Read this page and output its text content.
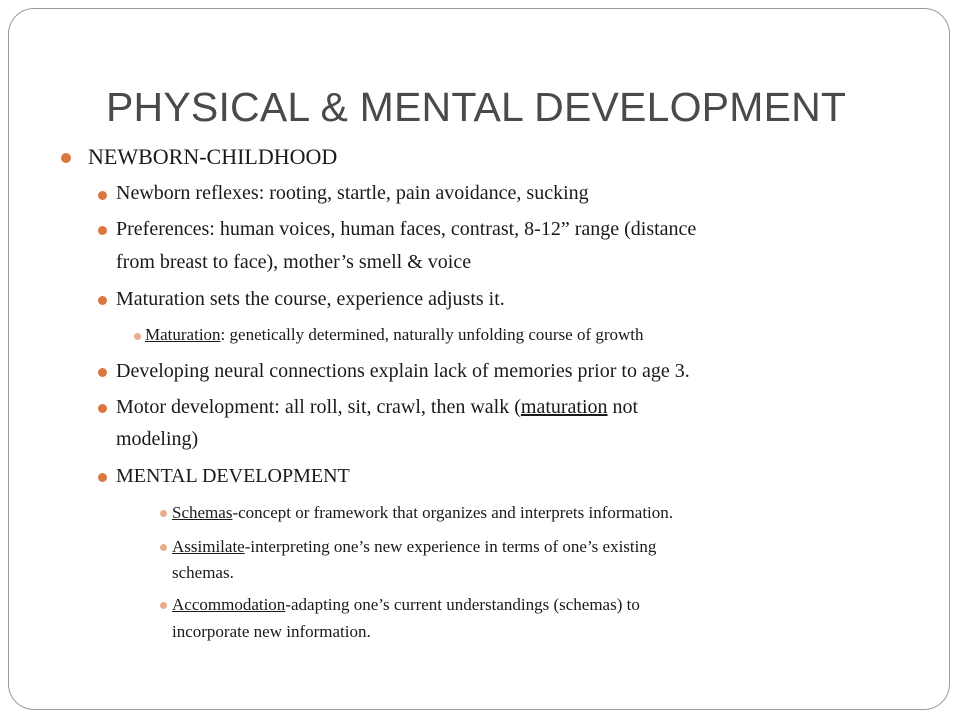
PHYSICAL & MENTAL DEVELOPMENT
NEWBORN-CHILDHOOD
Newborn reflexes: rooting, startle, pain avoidance, sucking
Preferences: human voices, human faces, contrast, 8-12” range (distance
from breast to face), mother’s smell & voice
Maturation sets the course, experience adjusts it.
Maturation: genetically determined, naturally unfolding course of growth
Developing neural connections explain lack of memories prior to age 3.
Motor development: all roll, sit, crawl, then walk (maturation not
modeling)
MENTAL DEVELOPMENT
Schemas-concept or framework that organizes and interprets information.
Assimilate-interpreting one’s new experience in terms of one’s existing
schemas.
Accommodation-adapting one’s current understandings (schemas) to
incorporate new information.
